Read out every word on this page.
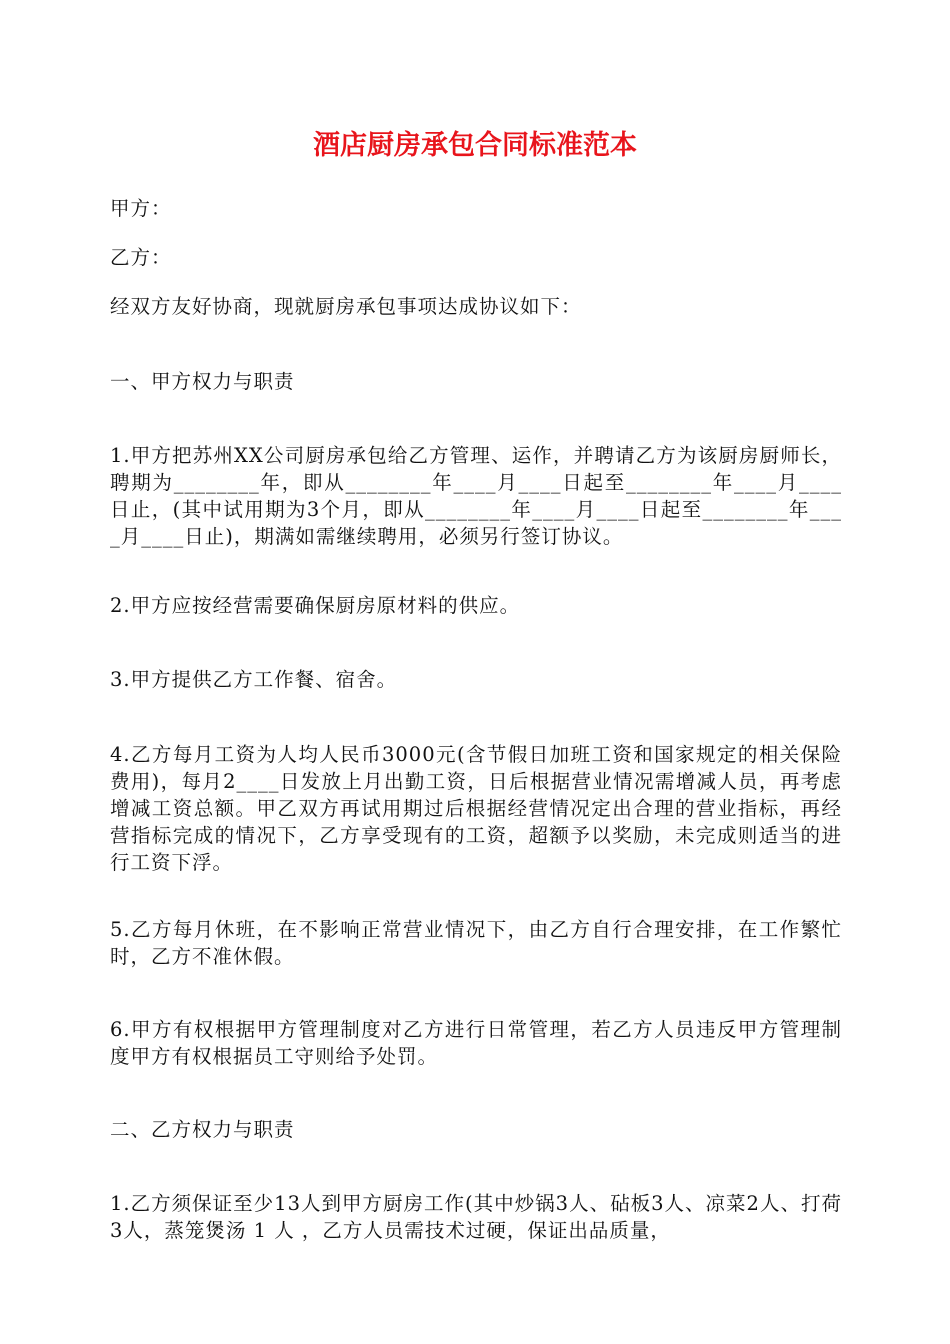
酒店厨房承包合同标准范本
甲方：
乙方：
经双方友好协商，现就厨房承包事项达成协议如下：
一、甲方权力与职责
1.甲方把苏州XX公司厨房承包给乙方管理、运作，并聘请乙方为该厨房厨师长，聘期为________年，即从________年____月____日起至________年____月____日止，(其中试用期为3个月，即从________年____月____日起至________年____月____日止)，期满如需继续聘用，必须另行签订协议。
2.甲方应按经营需要确保厨房原材料的供应。
3.甲方提供乙方工作餐、宿舍。
4.乙方每月工资为人均人民币3000元(含节假日加班工资和国家规定的相关保险费用)，每月2____日发放上月出勤工资，日后根据营业情况需增减人员，再考虑增减工资总额。甲乙双方再试用期过后根据经营情况定出合理的营业指标，再经营指标完成的情况下，乙方享受现有的工资，超额予以奖励，未完成则适当的进行工资下浮。
5.乙方每月休班，在不影响正常营业情况下，由乙方自行合理安排，在工作繁忙时，乙方不准休假。
6.甲方有权根据甲方管理制度对乙方进行日常管理，若乙方人员违反甲方管理制度甲方有权根据员工守则给予处罚。
二、乙方权力与职责
1.乙方须保证至少13人到甲方厨房工作(其中炒锅3人、砧板3人、凉菜2人、打荷3人，蒸笼煲汤 1 人 ，乙方人员需技术过硬，保证出品质量，
